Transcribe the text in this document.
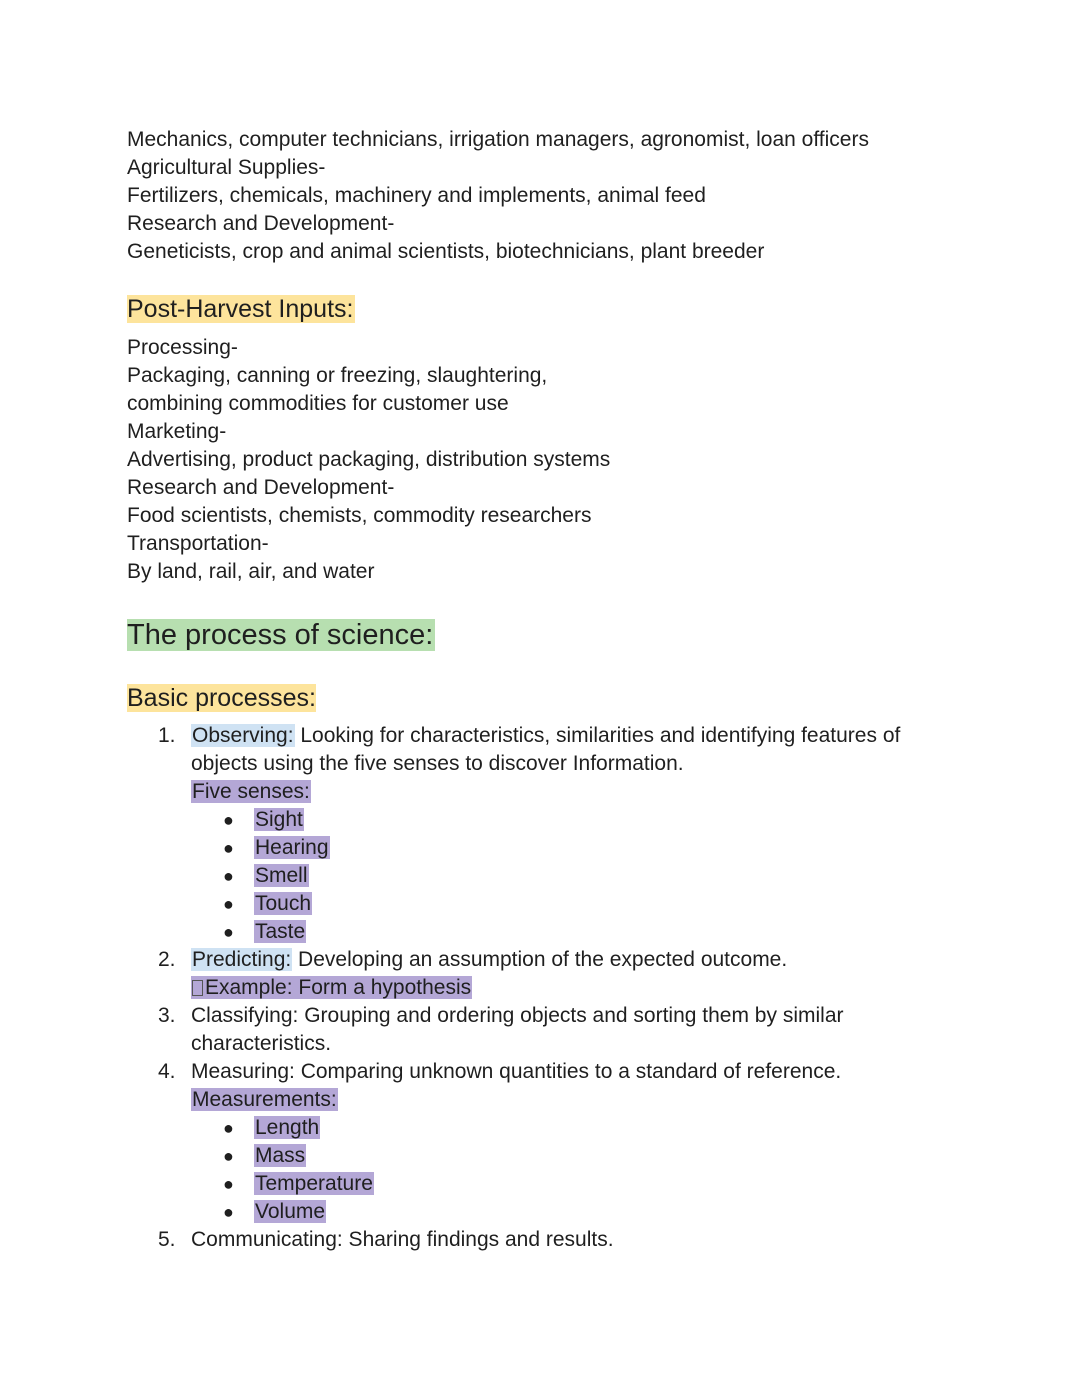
Mechanics, computer technicians, irrigation managers, agronomist, loan officers
Agricultural Supplies-
Fertilizers, chemicals, machinery and implements, animal feed
Research and Development-
Geneticists, crop and animal scientists, biotechnicians, plant breeder
Post-Harvest Inputs:
Processing-
Packaging, canning or freezing, slaughtering,
combining commodities for customer use
Marketing-
Advertising, product packaging, distribution systems
Research and Development-
Food scientists, chemists, commodity researchers
Transportation-
By land, rail, air, and water
The process of science:
Basic processes:
1. Observing: Looking for characteristics, similarities and identifying features of
objects using the five senses to discover Information.
Five senses:
● Sight
● Hearing
● Smell
● Touch
● Taste
2. Predicting: Developing an assumption of the expected outcome.
Example: Form a hypothesis
3. Classifying: Grouping and ordering objects and sorting them by similar
characteristics.
4. Measuring: Comparing unknown quantities to a standard of reference.
Measurements:
● Length
● Mass
● Temperature
● Volume
5. Communicating: Sharing findings and results.
